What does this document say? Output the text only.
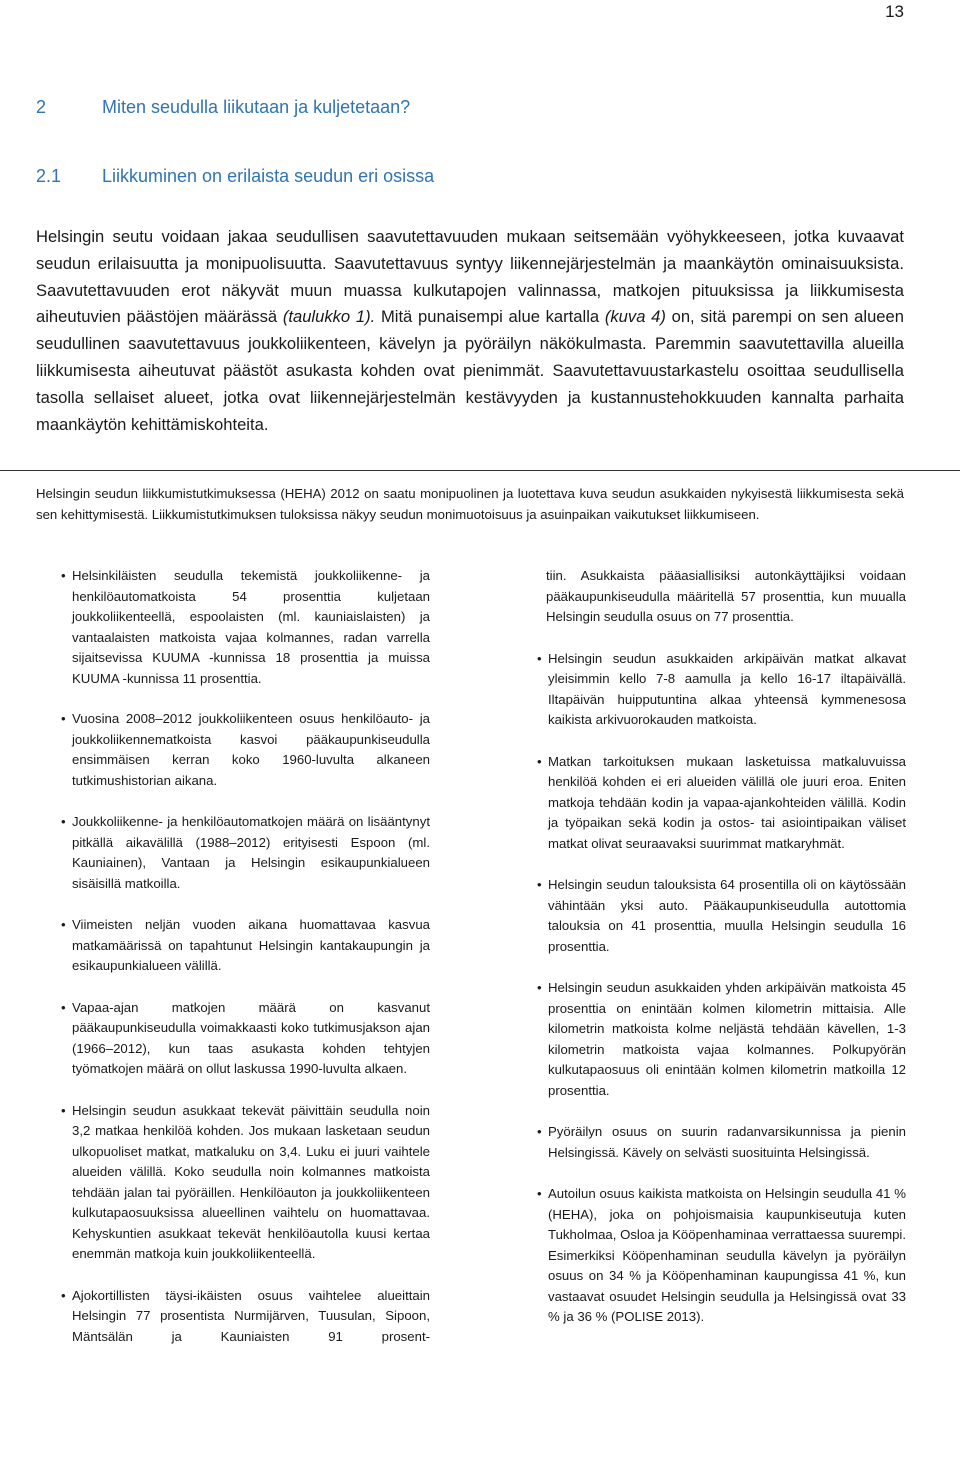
13
2	Miten seudulla liikutaan ja kuljetetaan?
2.1 Liikkuminen on erilaista seudun eri osissa

Helsingin seutu voidaan jakaa seudullisen saavutettavuuden mukaan seitsemään vyöhykkeeseen, jotka kuvaavat seudun erilaisuutta ja monipuolisuutta. Saavutettavuus syntyy liikennejärjestelmän ja maankäytön ominaisuuksista. Saavutettavuuden erot näkyvät muun muassa kulkutapojen valinnassa, matkojen pituuksissa ja liikkumisesta aiheutuvien päästöjen määrässä (taulukko 1). Mitä punaisempi alue kartalla (kuva 4) on, sitä parempi on sen alueen seudullinen saavutettavuus joukkoliikenteen, kävelyn ja pyöräilyn näkökulmasta. Paremmin saavutettavilla alueilla liikkumisesta aiheutuvat päästöt asukasta kohden ovat pienimmät. Saavutettavuustarkastelu osoittaa seudullisella tasolla sellaiset alueet, jotka ovat liikennejärjestelmän kestävyyden ja kustannustehokkuuden kannalta parhaita maankäytön kehittämiskohteita.

Helsingin seudun liikkumistutkimuksessa (HEHA) 2012 on saatu monipuolinen ja luotettava kuva seudun asukkaiden nykyisestä liikkumisesta sekä sen kehittymisestä. Liikkumistutkimuksen tuloksissa näkyy seudun monimuotoisuus ja asuinpaikan vaikutukset liikkumiseen.

• Helsinkiläisten seudulla tekemistä joukkoliikenne- ja henkilöautomatkoista 54 prosenttia kuljetaan joukkoliikenteellä, espoolaisten (ml. kauniaislaisten) ja vantaalaisten matkoista vajaa kolmannes, radan varrella sijaitsevissa KUUMA -kunnissa 18 prosenttia ja muissa KUUMA -kunnissa 11 prosenttia.
• Vuosina 2008–2012 joukkoliikenteen osuus henkilöauto- ja joukkoliikennematkoista kasvoi pääkaupunkiseudulla ensimmäisen kerran koko 1960-luvulta alkaneen tutkimushistorian aikana.
• Joukkoliikenne- ja henkilöautomatkojen määrä on lisääntynyt pitkällä aikavälillä (1988–2012) erityisesti Espoon (ml. Kauniainen), Vantaan ja Helsingin esikaupunkialueen sisäisillä matkoilla.
• Viimeisten neljän vuoden aikana huomattavaa kasvua matkamäärissä on tapahtunut Helsingin kantakaupungin ja esikaupunkialueen välillä.
• Vapaa-ajan matkojen määrä on kasvanut pääkaupunkiseudulla voimakkaasti koko tutkimusjakson ajan (1966–2012), kun taas asukasta kohden tehtyjen työmatkojen määrä on ollut laskussa 1990-luvulta alkaen.
• Helsingin seudun asukkaat tekevät päivittäin seudulla noin 3,2 matkaa henkilöä kohden. Jos mukaan lasketaan seudun ulkopuoliset matkat, matkaluku on 3,4. Luku ei juuri vaihtele alueiden välillä. Koko seudulla noin kolmannes matkoista tehdään jalan tai pyöräillen. Henkilöauton ja joukkoliikenteen kulkutapaosuuksissa alueellinen vaihtelu on huomattavaa. Kehyskuntien asukkaat tekevät henkilöautolla kuusi kertaa enemmän matkoja kuin joukkoliikenteellä.
• Ajokortillisten täysi-ikäisten osuus vaihtelee alueittain Helsingin 77 prosentista Nurmijärven, Tuusulan, Sipoon, Mäntsälän ja Kauniaisten 91 prosent-
tiin. Asukkaista pääasiallisiksi autonkäyttäjiksi voidaan pääkaupunkiseudulla määritellä 57 prosenttia, kun muualla Helsingin seudulla osuus on 77 prosenttia.
• Helsingin seudun asukkaiden arkipäivän matkat alkavat yleisimmin kello 7-8 aamulla ja kello 16-17 iltapäivällä. Iltapäivän huipputuntina alkaa yhteensä kymmenesosa kaikista arkivuorokauden matkoista.
• Matkan tarkoituksen mukaan lasketuissa matkaluvuissa henkilöä kohden ei eri alueiden välillä ole juuri eroa. Eniten matkoja tehdään kodin ja vapaa-ajankohteiden välillä. Kodin ja työpaikan sekä kodin ja ostos- tai asiointipaikan väliset matkat olivat seuraavaksi suurimmat matkaryhmät.
• Helsingin seudun talouksista 64 prosentilla oli on käytössään vähintään yksi auto. Pääkaupunkiseudulla autottomia talouksia on 41 prosenttia, muulla Helsingin seudulla 16 prosenttia.
• Helsingin seudun asukkaiden yhden arkipäivän matkoista 45 prosenttia on enintään kolmen kilometrin mittaisia. Alle kilometrin matkoista kolme neljästä tehdään kävellen, 1-3 kilometrin matkoista vajaa kolmannes. Polkupyörän kulkutapaosuus oli enintään kolmen kilometrin matkoilla 12 prosenttia.
• Pyöräilyn osuus on suurin radanvarsikunnissa ja pienin Helsingissä. Kävely on selvästi suosituinta Helsingissä.
• Autoilun osuus kaikista matkoista on Helsingin seudulla 41 % (HEHA), joka on pohjoismaisia kaupunkiseutuja kuten Tukholmaa, Osloa ja Kööpenhaminaa verrattaessa suurempi. Esimerkiksi Kööpenhaminan seudulla kävelyn ja pyöräilyn osuus on 34 % ja Kööpenhaminan kaupungissa 41 %, kun vastaavat osuudet Helsingin seudulla ja Helsingissä ovat 33 % ja 36 % (POLISE 2013).
